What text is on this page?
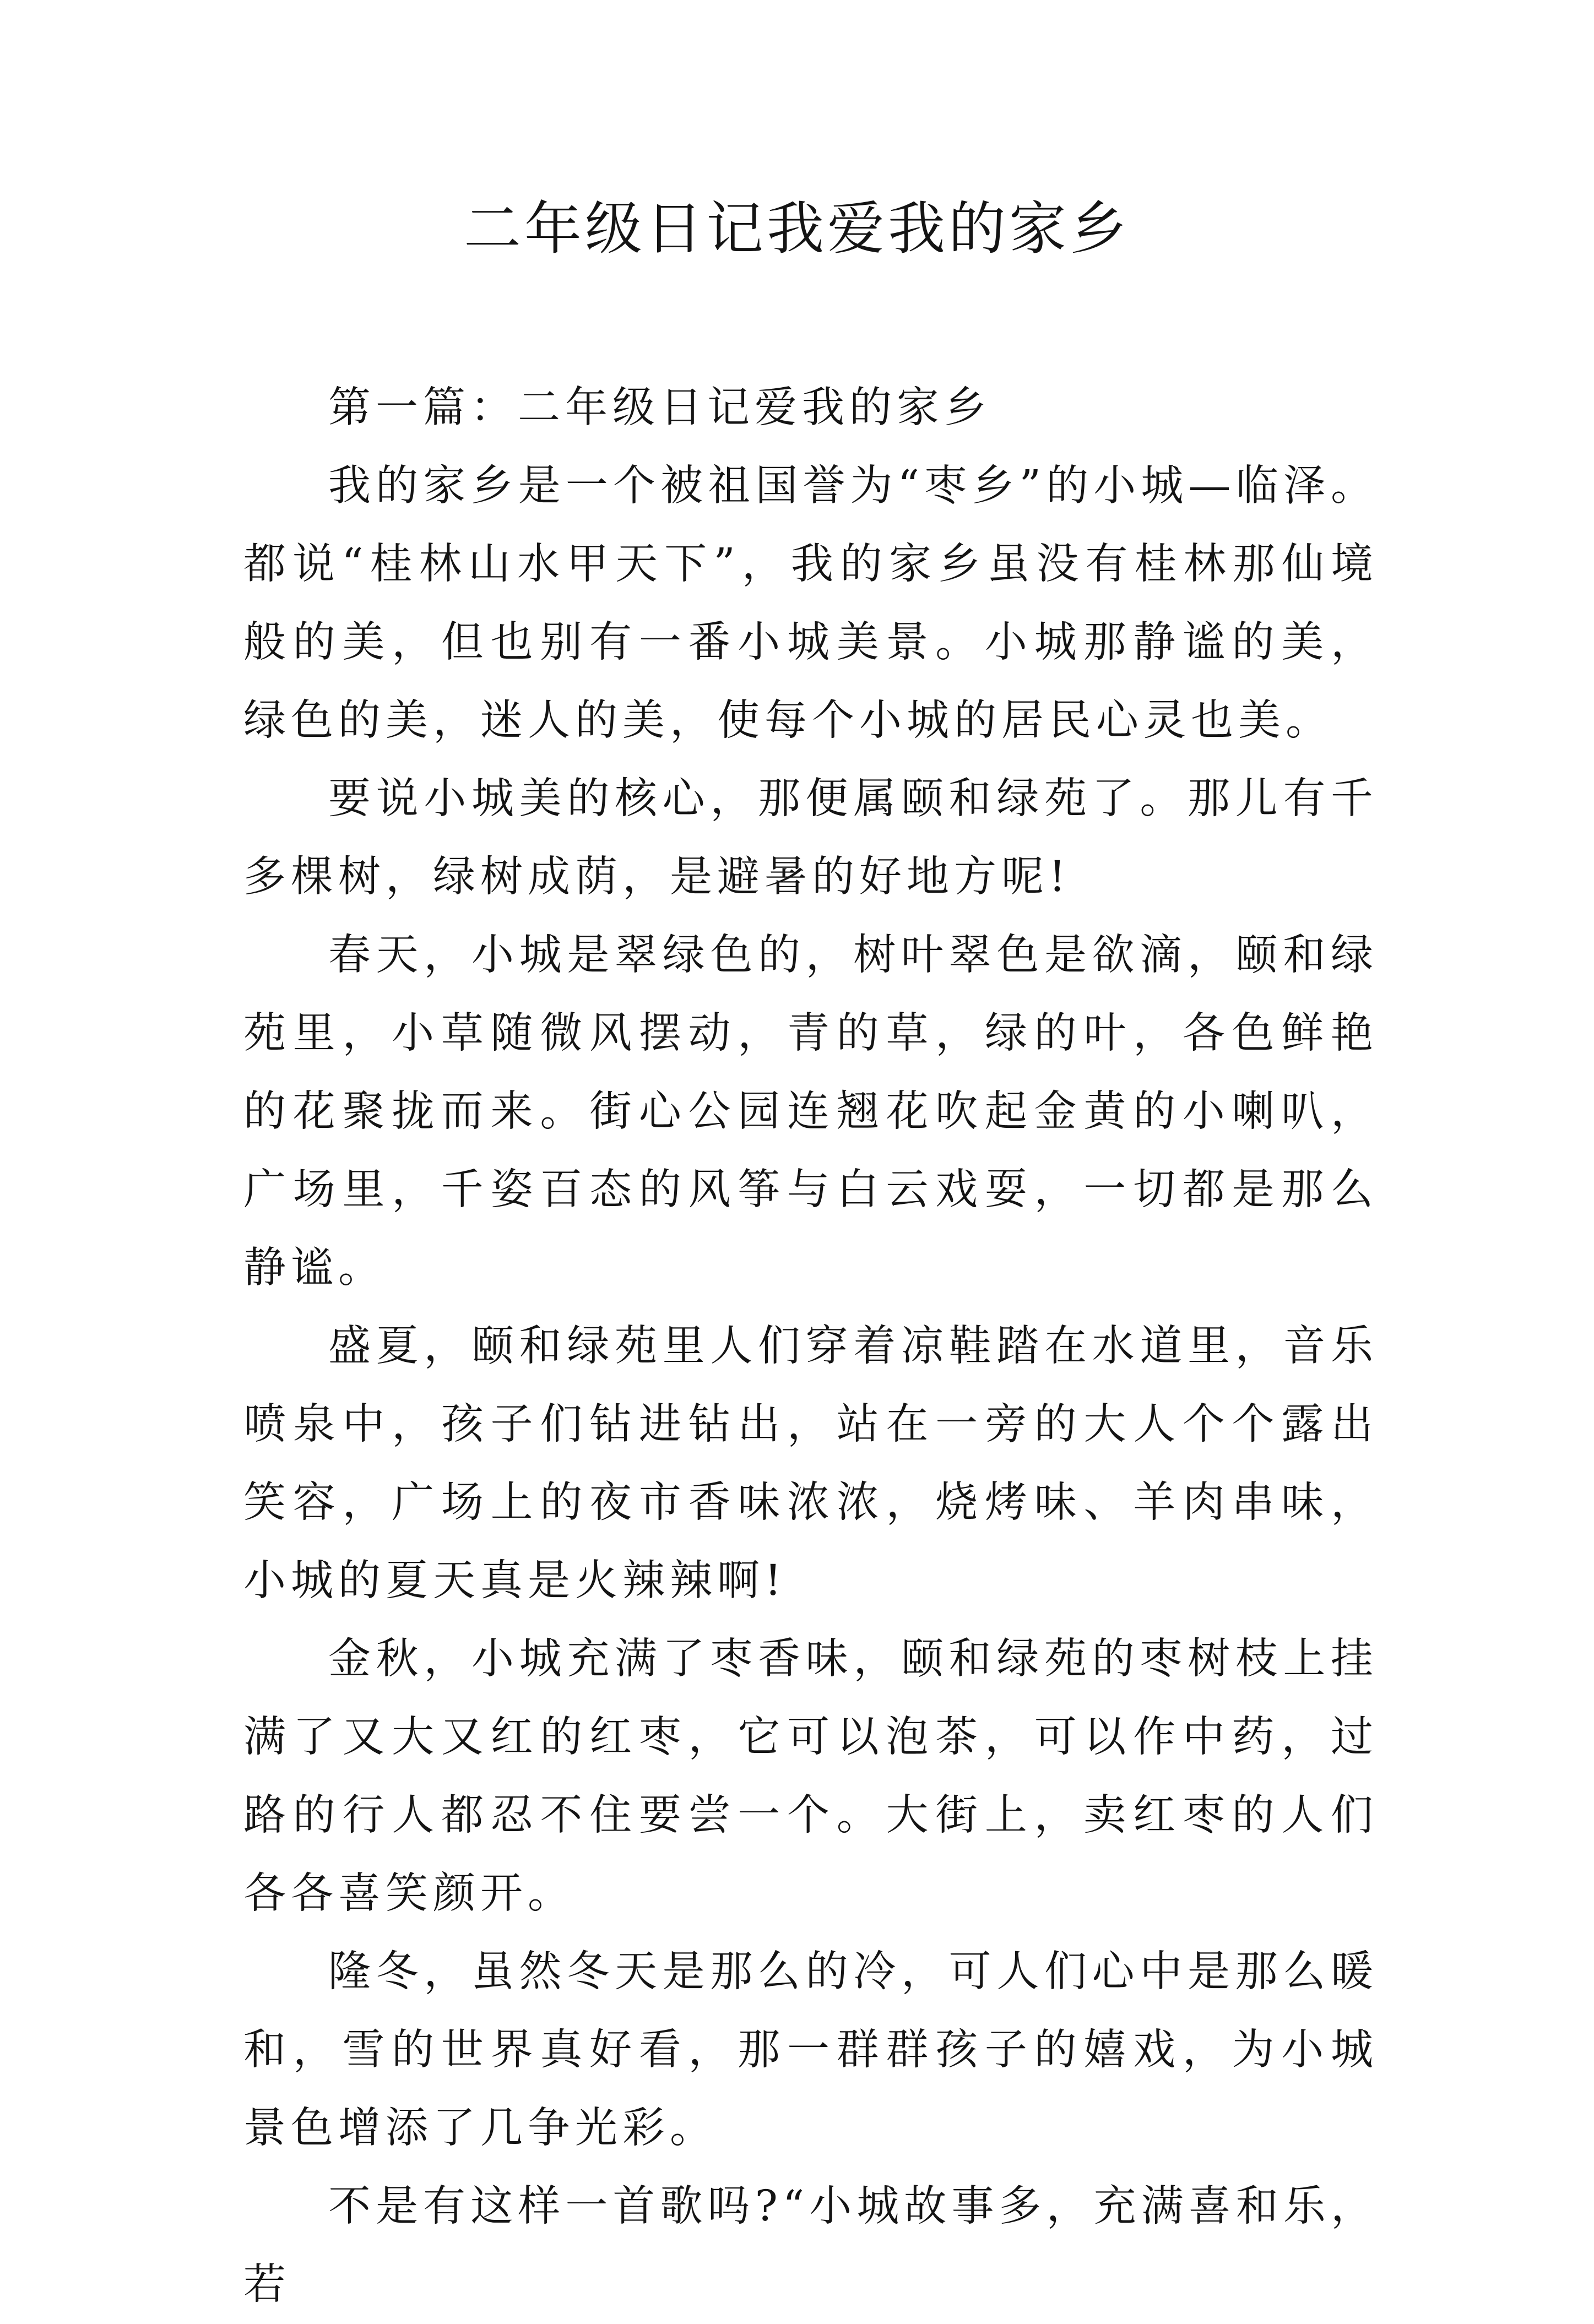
二年级日记我爱我的家乡

第一篇：二年级日记爱我的家乡

我的家乡是一个被祖国誉为“枣乡”的小城—临泽。都说“桂林山水甲天下”，我的家乡虽没有桂林那仙境般的美，但也别有一番小城美景。小城那静谧的美，绿色的美，迷人的美，使每个小城的居民心灵也美。

要说小城美的核心，那便属颐和绿苑了。那儿有千多棵树，绿树成荫，是避暑的好地方呢!

春天，小城是翠绿色的，树叶翠色是欲滴，颐和绿苑里，小草随微风摆动，青的草，绿的叶，各色鲜艳的花聚拢而来。街心公园连翘花吹起金黄的小喇叭，广场里，千姿百态的风筝与白云戏耍，一切都是那么静谧。

盛夏，颐和绿苑里人们穿着凉鞋踏在水道里，音乐喷泉中，孩子们钻进钻出，站在一旁的大人个个露出笑容，广场上的夜市香味浓浓，烧烤味、羊肉串味，小城的夏天真是火辣辣啊!

金秋，小城充满了枣香味，颐和绿苑的枣树枝上挂满了又大又红的红枣，它可以泡茶，可以作中药，过路的行人都忍不住要尝一个。大街上，卖红枣的人们各各喜笑颜开。

隆冬，虽然冬天是那么的冷，可人们心中是那么暖和，雪的世界真好看，那一群群孩子的嬉戏，为小城景色增添了几争光彩。

不是有这样一首歌吗?“小城故事多，充满喜和乐，若
